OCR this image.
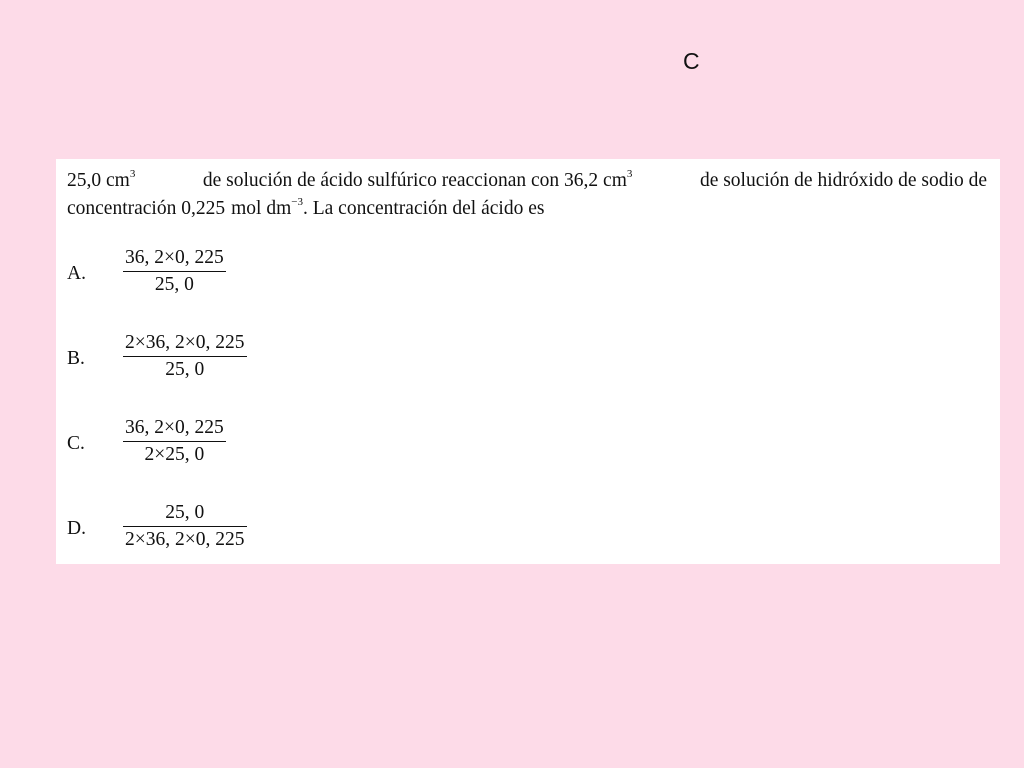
C
25,0 $cm^3$	de solución de ácido sulfúrico reaccionan con 36,2 $cm^3$	de solución de hidróxido de sodio de
concentración 0,225 mol $dm^{-3}$. La concentración del ácido es
A.
36, 2×0, 225
25, 0
B.
2×36, 2×0, 225
25, 0
C.
36, 2×0, 225
2×25, 0
D.
25, 0
2×36, 2×0, 225
